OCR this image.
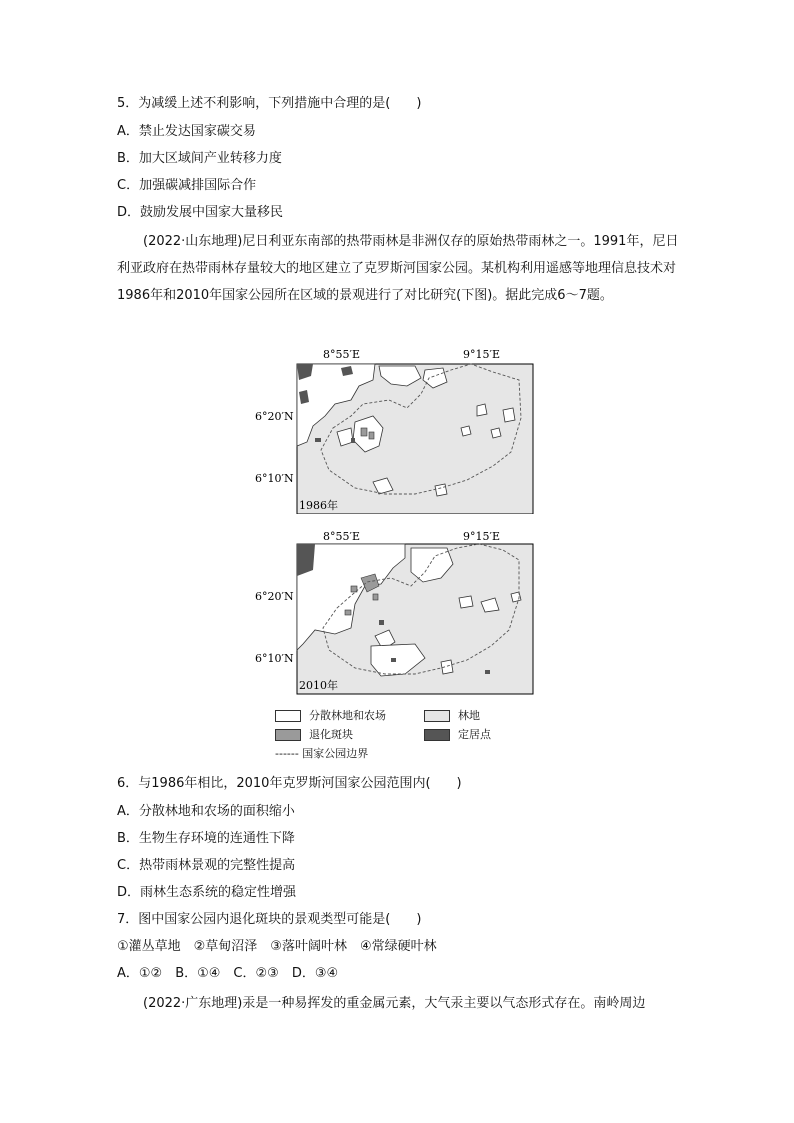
5．为减缓上述不利影响，下列措施中合理的是(　　)
A．禁止发达国家碳交易
B．加大区域间产业转移力度
C．加强碳减排国际合作
D．鼓励发展中国家大量移民
(2022·山东地理)尼日利亚东南部的热带雨林是非洲仅存的原始热带雨林之一。1991年，尼日利亚政府在热带雨林存量较大的地区建立了克罗斯河国家公园。某机构利用遥感等地理信息技术对1986年和2010年国家公园所在区域的景观进行了对比研究(下图)。据此完成6～7题。
8°55′E	9°15′E
6°20′N
6°10′N
1986年
8°55′E	9°15′E
6°20′N
6°10′N
2010年
分散林地和农场	林地
退化斑块	定居点
------ 国家公园边界
6．与1986年相比，2010年克罗斯河国家公园范围内(　　)
A．分散林地和农场的面积缩小
B．生物生存环境的连通性下降
C．热带雨林景观的完整性提高
D．雨林生态系统的稳定性增强
7．图中国家公园内退化斑块的景观类型可能是(　　)
①灌丛草地　②草甸沼泽　③落叶阔叶林　④常绿硬叶林
A．①②　B．①④　C．②③　D．③④
(2022·广东地理)汞是一种易挥发的重金属元素，大气汞主要以气态形式存在。南岭周边
